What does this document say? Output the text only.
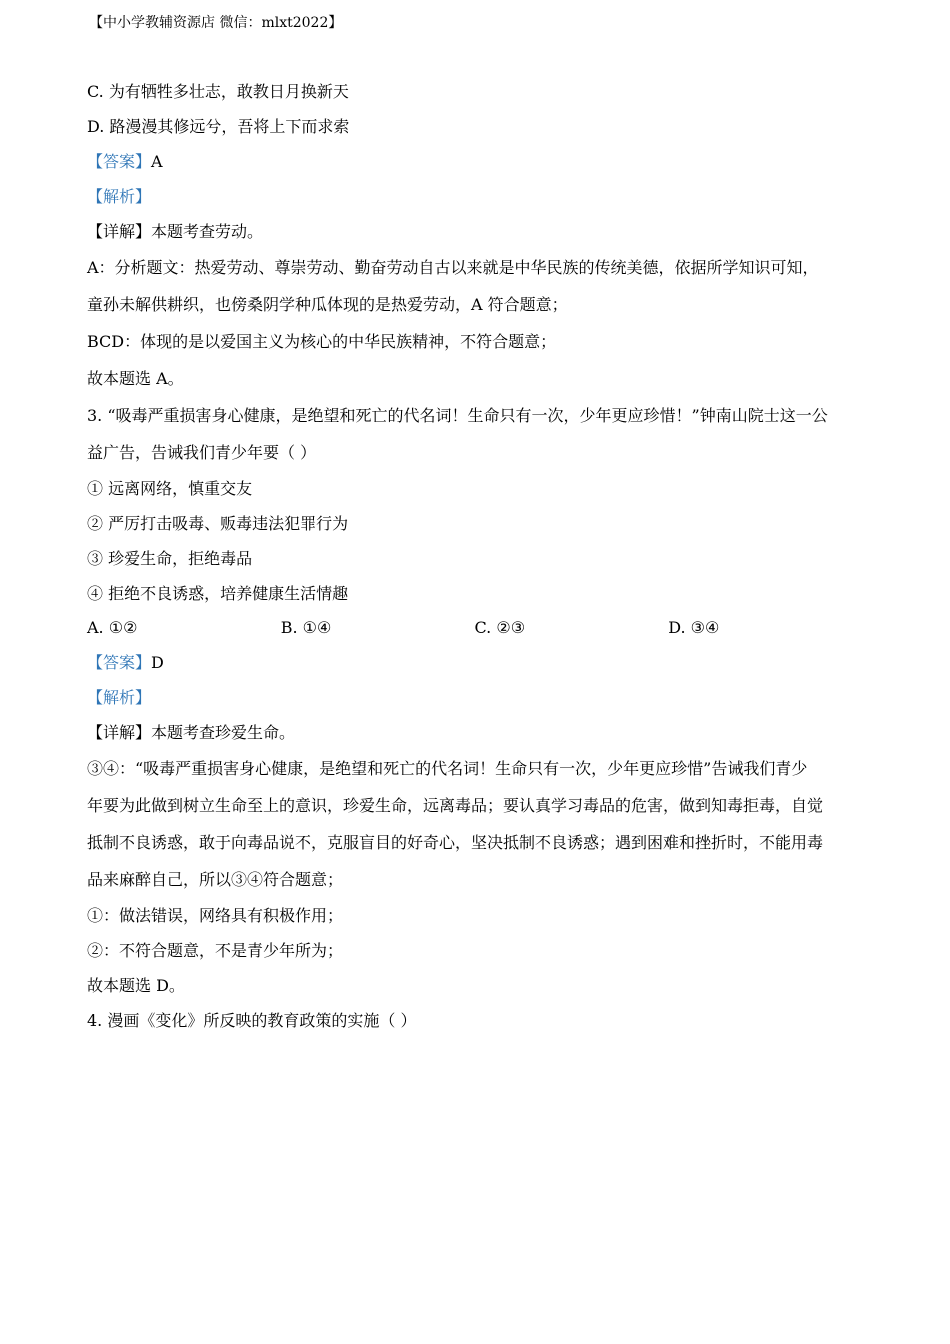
【中小学教辅资源店 微信：mlxt2022】

C. 为有牺牲多壮志，敢教日月换新天

D. 路漫漫其修远兮，吾将上下而求索

【答案】A

【解析】

【详解】本题考查劳动。

A：分析题文：热爱劳动、尊崇劳动、勤奋劳动自古以来就是中华民族的传统美德，依据所学知识可知，

童孙未解供耕织，也傍桑阴学种瓜体现的是热爱劳动，A 符合题意；

BCD：体现的是以爱国主义为核心的中华民族精神，不符合题意；

故本题选 A。

3. “吸毒严重损害身心健康，是绝望和死亡的代名词！生命只有一次，少年更应珍惜！”钟南山院士这一公

益广告，告诫我们青少年要（ ）

① 远离网络，慎重交友

② 严厉打击吸毒、贩毒违法犯罪行为

③ 珍爱生命，拒绝毒品

④ 拒绝不良诱惑，培养健康生活情趣

A. ①②	B. ①④	C. ②③	D. ③④

【答案】D

【解析】

【详解】本题考查珍爱生命。

③④：“吸毒严重损害身心健康，是绝望和死亡的代名词！生命只有一次，少年更应珍惜”告诫我们青少

年要为此做到树立生命至上的意识，珍爱生命，远离毒品；要认真学习毒品的危害，做到知毒拒毒，自觉

抵制不良诱惑，敢于向毒品说不，克服盲目的好奇心，坚决抵制不良诱惑；遇到困难和挫折时，不能用毒

品来麻醉自己，所以③④符合题意；

①：做法错误，网络具有积极作用；

②：不符合题意，不是青少年所为；

故本题选 D。

4. 漫画《变化》所反映的教育政策的实施（ ）
